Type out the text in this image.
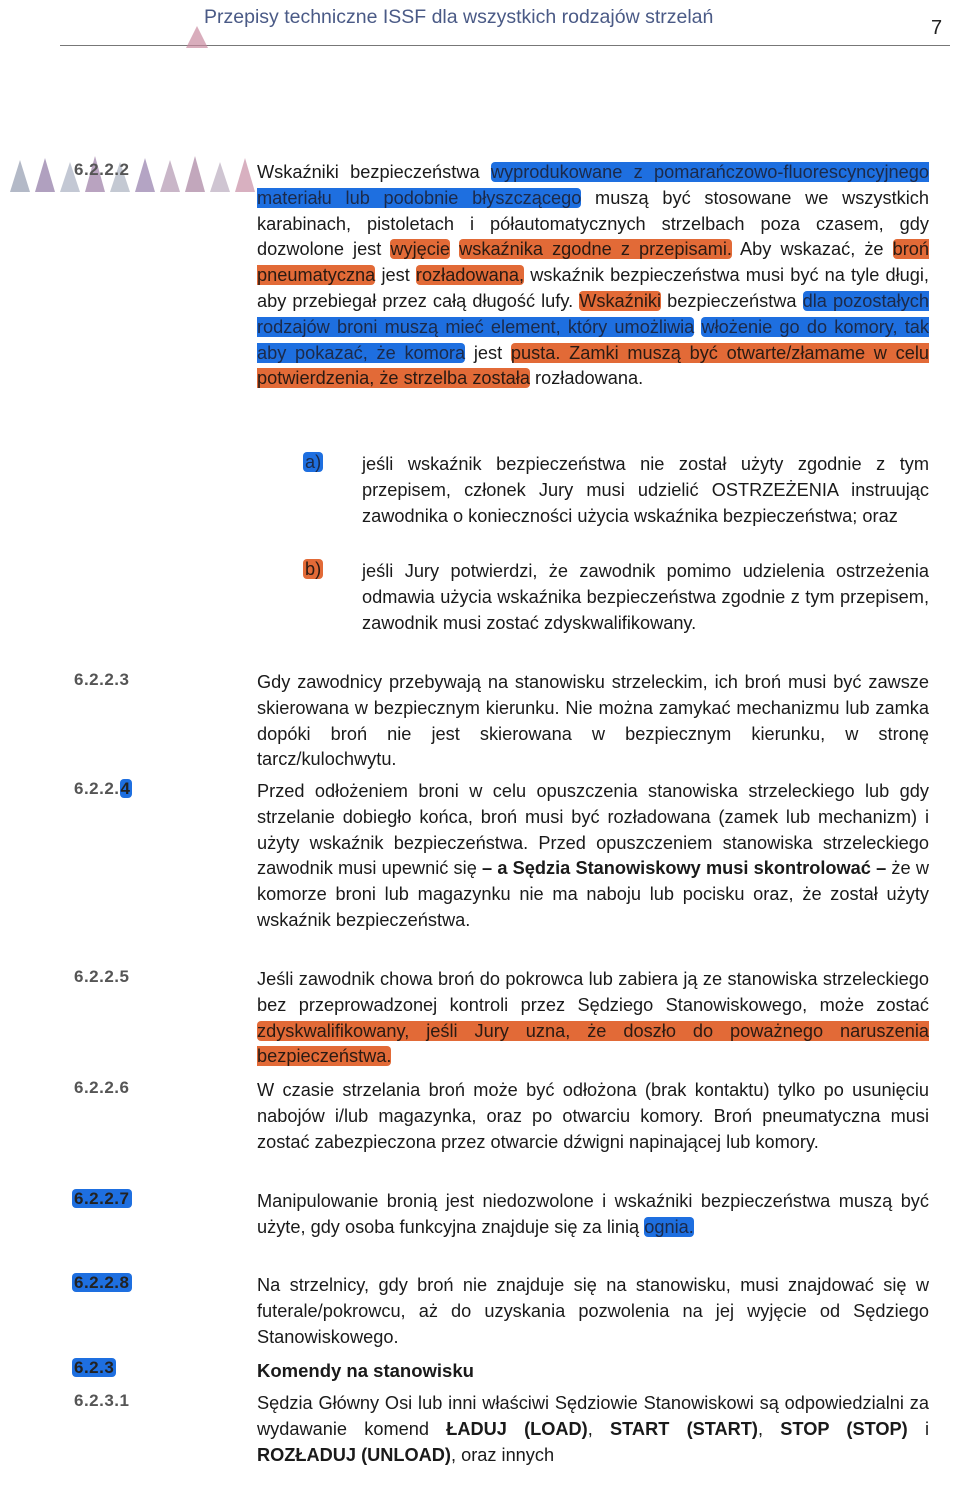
Przepisy techniczne ISSF dla wszystkich rodzajów strzelań	7
6.2.2.2	Wskaźniki bezpieczeństwa wyprodukowane z pomarańczowo-fluorescyncyjnego materiału lub podobnie błyszczącego muszą być stosowane we wszystkich karabinach, pistoletach i półautomatycznych strzelbach poza czasem, gdy dozwolone jest wyjęcie wskaźnika zgodne z przepisami. Aby wskazać, że broń pneumatyczna jest rozładowana, wskaźnik bezpieczeństwa musi być na tyle długi, aby przebiegał przez całą długość lufy. Wskaźniki bezpieczeństwa dla pozostałych rodzajów broni muszą mieć element, który umożliwia włożenie go do komory, tak aby pokazać, że komora jest pusta. Zamki muszą być otwarte/złamame w celu potwierdzenia, że strzelba została rozładowana.
a) jeśli wskaźnik bezpieczeństwa nie został użyty zgodnie z tym przepisem, członek Jury musi udzielić OSTRZEŻENIA instruując zawodnika o konieczności użycia wskaźnika bezpieczeństwa; oraz
b) jeśli Jury potwierdzi, że zawodnik pomimo udzielenia ostrzeżenia odmawia użycia wskaźnika bezpieczeństwa zgodnie z tym przepisem, zawodnik musi zostać zdyskwalifikowany.
6.2.2.3	Gdy zawodnicy przebywają na stanowisku strzeleckim, ich broń musi być zawsze skierowana w bezpiecznym kierunku. Nie można zamykać mechanizmu lub zamka dopóki broń nie jest skierowana w bezpiecznym kierunku, w stronę tarcz/kulochwytu.
6.2.2.4	Przed odłożeniem broni w celu opuszczenia stanowiska strzeleckiego lub gdy strzelanie dobiegło końca, broń musi być rozładowana (zamek lub mechanizm) i użyty wskaźnik bezpieczeństwa. Przed opuszczeniem stanowiska strzeleckiego zawodnik musi upewnić się – a Sędzia Stanowiskowy musi skontrolować – że w komorze broni lub magazynku nie ma naboju lub pocisku oraz, że został użyty wskaźnik bezpieczeństwa.
6.2.2.5	Jeśli zawodnik chowa broń do pokrowca lub zabiera ją ze stanowiska strzeleckiego bez przeprowadzonej kontroli przez Sędziego Stanowiskowego, może zostać zdyskwalifikowany, jeśli Jury uzna, że doszło do poważnego naruszenia bezpieczeństwa.
6.2.2.6	W czasie strzelania broń może być odłożona (brak kontaktu) tylko po usunięciu nabojów i/lub magazynka, oraz po otwarciu komory. Broń pneumatyczna musi zostać zabezpieczona przez otwarcie dźwigni napinającej lub komory.
6.2.2.7	Manipulowanie bronią jest niedozwolone i wskaźniki bezpieczeństwa muszą być użyte, gdy osoba funkcyjna znajduje się za linią ognia.
6.2.2.8	Na strzelnicy, gdy broń nie znajduje się na stanowisku, musi znajdować się w futerale/pokrowcu, aż do uzyskania pozwolenia na jej wyjęcie od Sędziego Stanowiskowego.
6.2.3	Komendy na stanowisku
6.2.3.1	Sędzia Główny Osi lub inni właściwi Sędziowie Stanowiskowi są odpowiedzialni za wydawanie komend ŁADUJ (LOAD), START (START), STOP (STOP) i ROZŁADUJ (UNLOAD), oraz innych
